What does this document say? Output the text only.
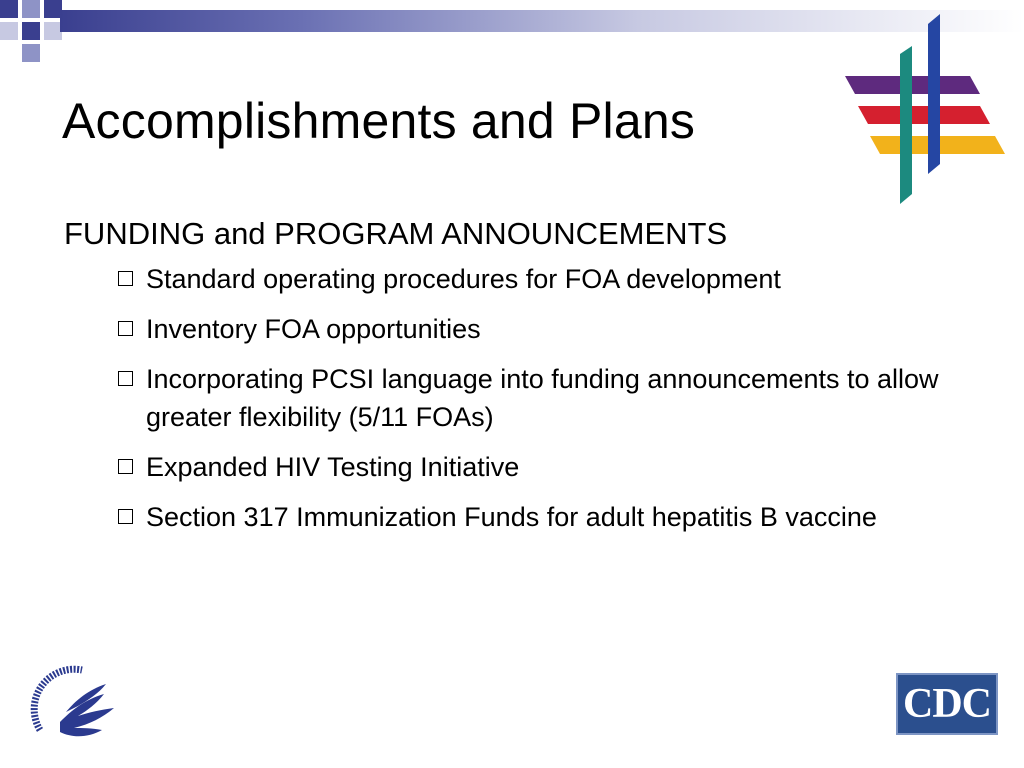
Accomplishments and Plans

FUNDING and PROGRAM ANNOUNCEMENTS

Standard operating procedures for FOA development
Inventory FOA opportunities
Incorporating PCSI language into funding announcements to allow greater flexibility (5/11 FOAs)
Expanded HIV Testing Initiative
Section 317 Immunization Funds for adult hepatitis B vaccine
CDC
